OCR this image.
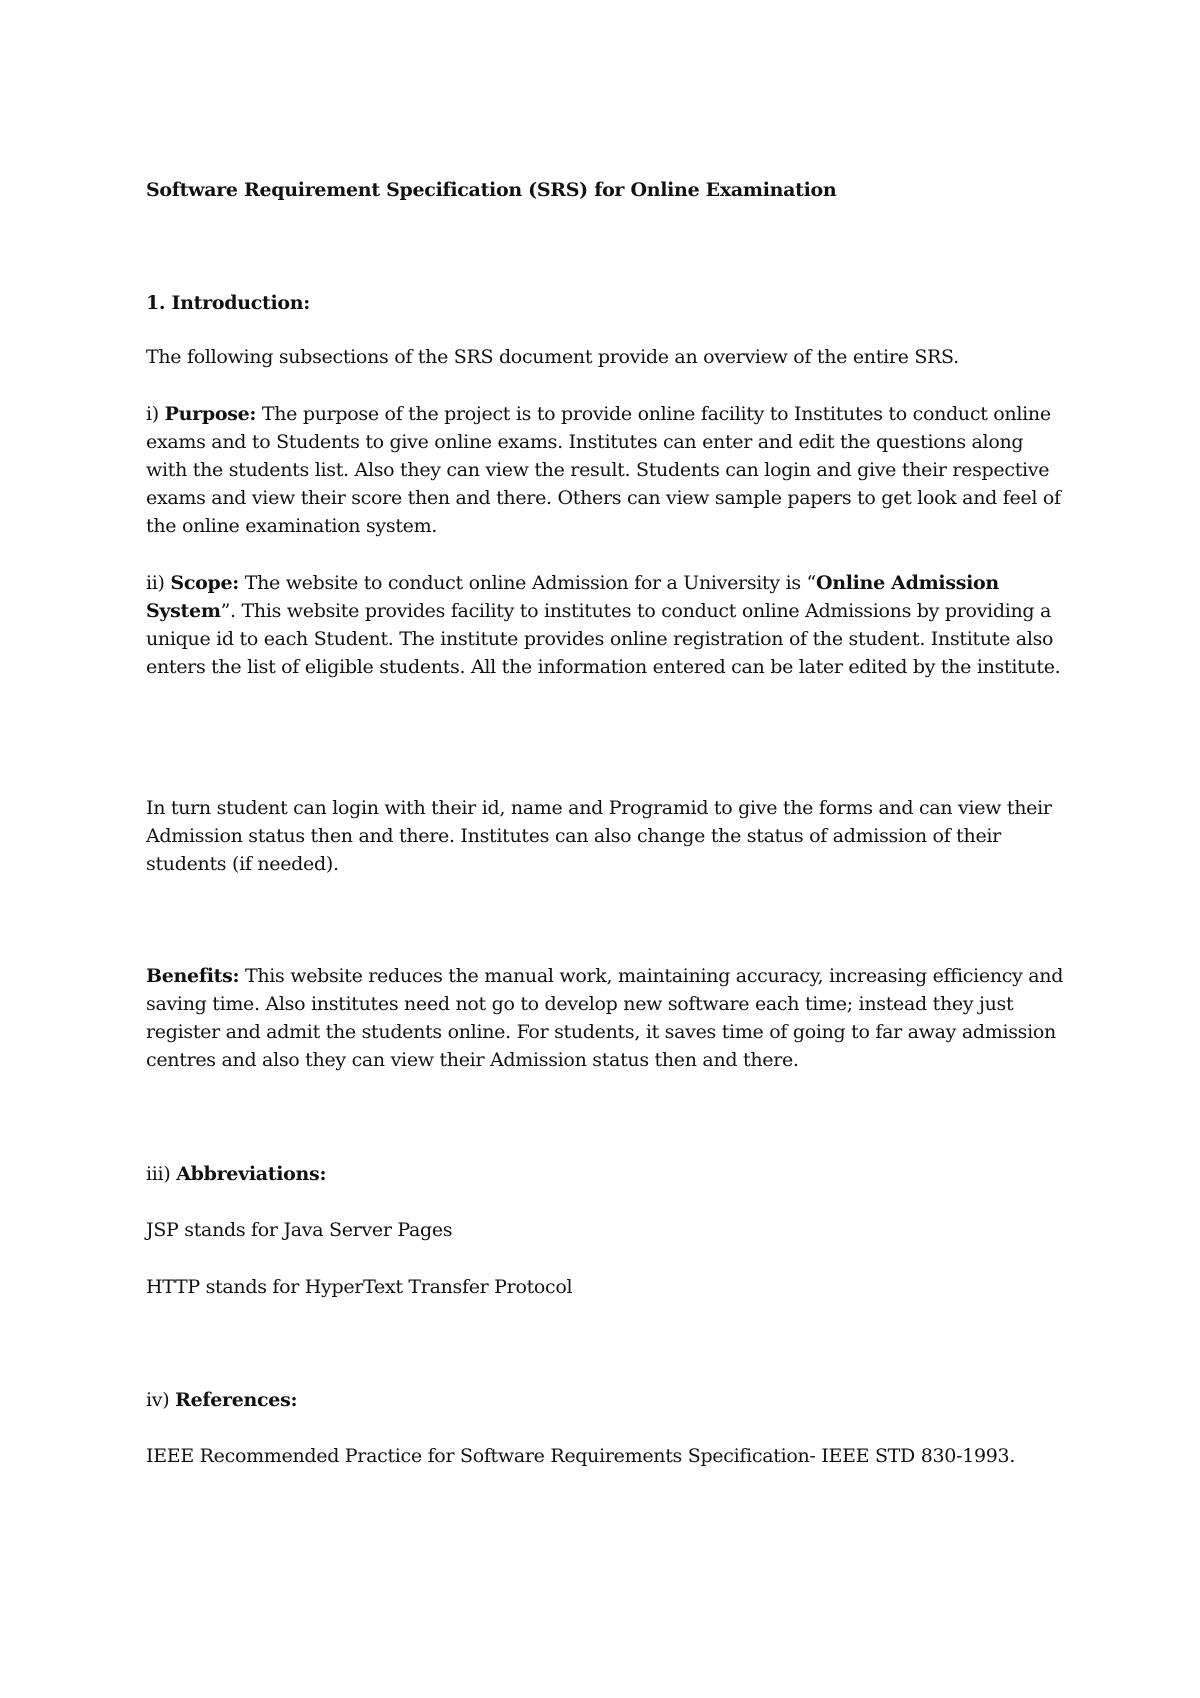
Software Requirement Specification (SRS) for Online Examination

1. Introduction:

The following subsections of the SRS document provide an overview of the entire SRS.

i) Purpose: The purpose of the project is to provide online facility to Institutes to conduct online exams and to Students to give online exams. Institutes can enter and edit the questions along with the students list. Also they can view the result. Students can login and give their respective exams and view their score then and there. Others can view sample papers to get look and feel of the online examination system.

ii) Scope: The website to conduct online Admission for a University is “Online Admission System”. This website provides facility to institutes to conduct online Admissions by providing a unique id to each Student. The institute provides online registration of the student. Institute also enters the list of eligible students. All the information entered can be later edited by the institute.

In turn student can login with their id, name and Programid to give the forms and can view their Admission status then and there. Institutes can also change the status of admission of their students (if needed).

Benefits: This website reduces the manual work, maintaining accuracy, increasing efficiency and saving time. Also institutes need not go to develop new software each time; instead they just register and admit the students online. For students, it saves time of going to far away admission centres and also they can view their Admission status then and there.

iii) Abbreviations:

JSP stands for Java Server Pages

HTTP stands for HyperText Transfer Protocol

iv) References:

IEEE Recommended Practice for Software Requirements Specification- IEEE STD 830-1993.
